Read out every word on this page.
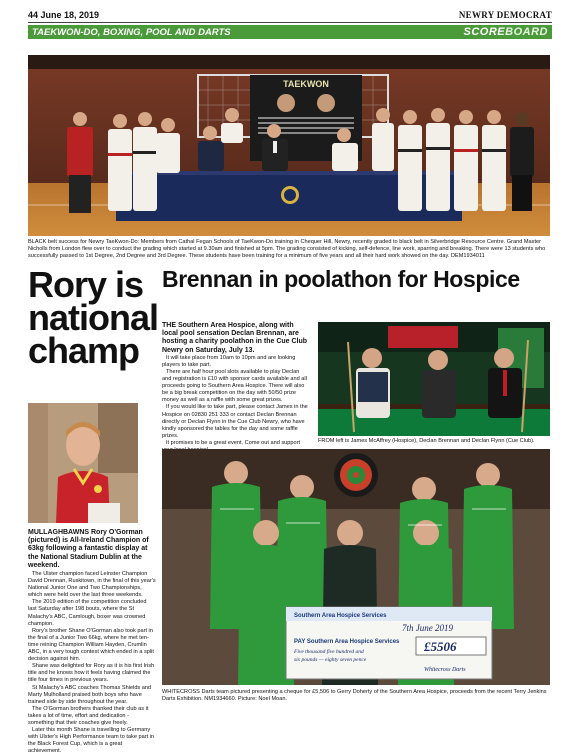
44 June 18, 2019	NEWRY DEMOCRAT
TAEKWON-DO, BOXING, POOL AND DARTS	SCOREBOARD
TAEKWON
BLACK belt success for Newry TaeKwon-Do: Members from Cathal Fegan Schools of TaeKwon-Do training in Chequer Hill, Newry, recently graded to black belt in Silverbridge Resource Centre. Grand Master Nicholls from London flew over to conduct the grading which started at 9.30am and finished at 5pm. The grading consisted of kicking, self-defence, line work, sparring and breaking. There were 13 students who successfully passed to 1st Degree, 2nd Degree and 3rd Degree. These students have been training for a minimum of five years and all their hard work showed on the day. DEM1934011
Rory is national champ
MULLAGHBAWNS Rory O'Gorman (pictured) is All-Ireland Champion of 63kg following a fantastic display at the National Stadium Dublin at the weekend.

The Ulster champion faced Leinster Champion David Drennan, Ruskitown, in the final of this year's National Junior One and Two Championships, which were held over the last three weekends.

The 2019 edition of the competition concluded last Saturday after 198 bouts, where the St Malachy's ABC, Camlough, boxer was crowned champion.

Rory's brother Shane O'Gorman also took part in the final of a Junior Two 66kg, where he met ten-time reining Champion William Hayden, Crumlin ABC, in a very tough contest which ended in a split decision against him.

Shane was delighted for Rory as it is his first Irish title and he knows how it feels having claimed the title four times in previous years.

St Malachy's ABC coaches Thomas Shields and Marty Mulholland praised both boys who have trained side by side throughout the year.

The O'Gorman brothers thanked their club as it takes a lot of time, effort and dedication - something that their coaches give freely.

Later this month Shane is travelling to Germany with Ulster's High Performance team to take part in the Black Forest Cup, which is a great achievement.

Brennan in poolathon for Hospice
THE Southern Area Hospice, along with local pool sensation Declan Brennan, are hosting a charity poolathon in the Cue Club Newry on Saturday, July 13.

It will take place from 10am to 10pm and are looking players to take part.

There are half hour pool slots available to play Declan and registration is £10 with sponsor cards available and all proceeds going to Southern Area Hospice. There will also be a big break competition on the day with 50/50 prize money as well as a raffle with some great prizes.

If you would like to take part, please contact James in the Hospice on 02830 251 333 or contact Declan Brennan directly or Declan Flynn in the Cue Club Newry, who have kindly sponsored the tables for the day and some raffle prizes.

It promises to be a great event. Come out and support	FROM left is James McAffrey (Hospice), Declan Brennan and Declan Flynn (Cue Club).
Southern Area Hospice Services
7th June 2019
PAY Southern Area Hospice Services
Five thousand five hundred and
six pounds — eighty seven pence
£5506
Whitecross Darts
WHITECROSS Darts team pictured presenting a cheque for £5,506 to Gerry Doherty of the Southern Area Hospice, proceeds from the recent Terry Jenkins Darts Exhibition. NM1934660. Picture: Noel Moan.
